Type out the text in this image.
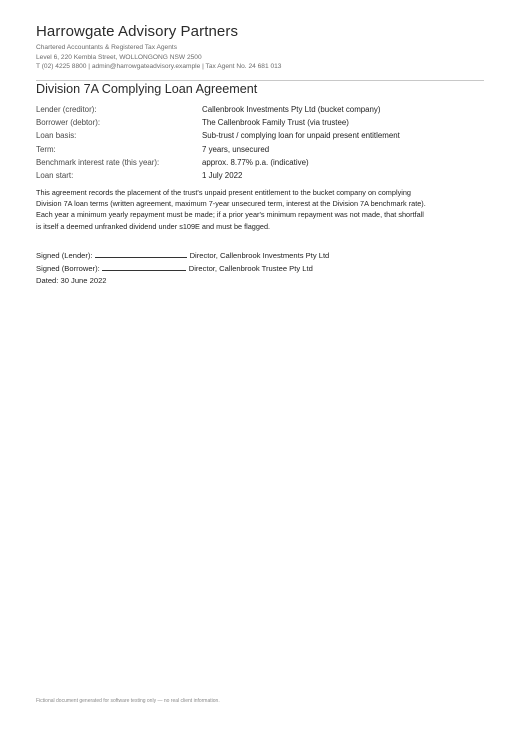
Harrowgate Advisory Partners
Chartered Accountants & Registered Tax Agents
Level 6, 220 Kembla Street, WOLLONGONG NSW 2500
T (02) 4225 8800 | admin@harrowgateadvisory.example | Tax Agent No. 24 681 013
Division 7A Complying Loan Agreement
Lender (creditor):	Callenbrook Investments Pty Ltd (bucket company)
Borrower (debtor):	The Callenbrook Family Trust (via trustee)
Loan basis:	Sub-trust / complying loan for unpaid present entitlement
Term:	7 years, unsecured
Benchmark interest rate (this year):	approx. 8.77% p.a. (indicative)
Loan start:	1 July 2022
This agreement records the placement of the trust's unpaid present entitlement to the bucket company on complying
Division 7A loan terms (written agreement, maximum 7-year unsecured term, interest at the Division 7A benchmark rate).
Each year a minimum yearly repayment must be made; if a prior year's minimum repayment was not made, that shortfall
is itself a deemed unfranked dividend under s109E and must be flagged.
Signed (Lender):	Director, Callenbrook Investments Pty Ltd
Signed (Borrower):	Director, Callenbrook Trustee Pty Ltd
Dated: 30 June 2022
Fictional document generated for software testing only — no real client information.
